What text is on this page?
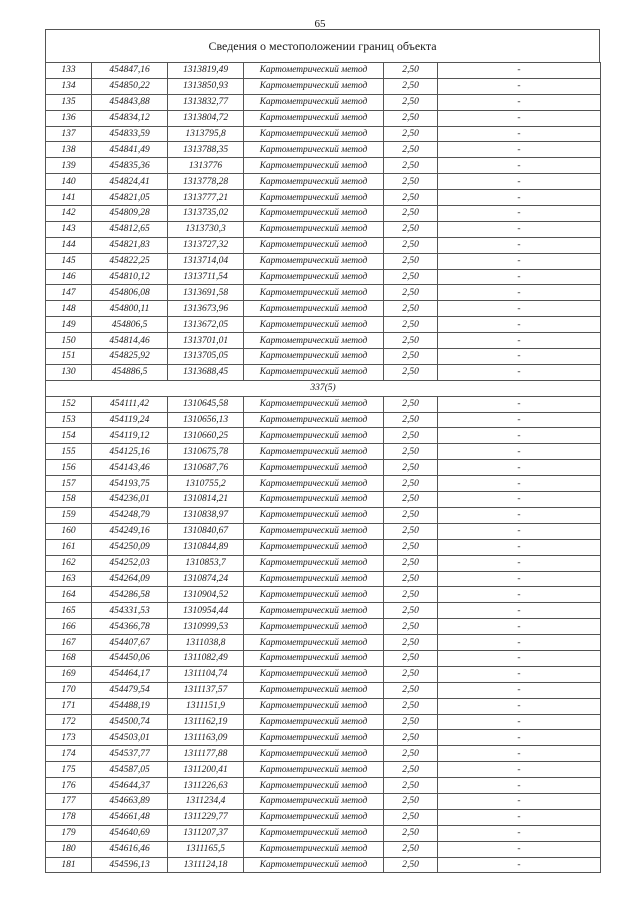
65
Сведения о местоположении границ объекта
133	454847,16	1313819,49	Картометрический метод	2,50	-
134	454850,22	1313850,93	Картометрический метод	2,50	-
135	454843,88	1313832,77	Картометрический метод	2,50	-
136	454834,12	1313804,72	Картометрический метод	2,50	-
137	454833,59	1313795,8	Картометрический метод	2,50	-
138	454841,49	1313788,35	Картометрический метод	2,50	-
139	454835,36	1313776	Картометрический метод	2,50	-
140	454824,41	1313778,28	Картометрический метод	2,50	-
141	454821,05	1313777,21	Картометрический метод	2,50	-
142	454809,28	1313735,02	Картометрический метод	2,50	-
143	454812,65	1313730,3	Картометрический метод	2,50	-
144	454821,83	1313727,32	Картометрический метод	2,50	-
145	454822,25	1313714,04	Картометрический метод	2,50	-
146	454810,12	1313711,54	Картометрический метод	2,50	-
147	454806,08	1313691,58	Картометрический метод	2,50	-
148	454800,11	1313673,96	Картометрический метод	2,50	-
149	454806,5	1313672,05	Картометрический метод	2,50	-
150	454814,46	1313701,01	Картометрический метод	2,50	-
151	454825,92	1313705,05	Картометрический метод	2,50	-
130	454886,5	1313688,45	Картометрический метод	2,50	-
337(5)					
152	454111,42	1310645,58	Картометрический метод	2,50	-
153	454119,24	1310656,13	Картометрический метод	2,50	-
154	454119,12	1310660,25	Картометрический метод	2,50	-
155	454125,16	1310675,78	Картометрический метод	2,50	-
156	454143,46	1310687,76	Картометрический метод	2,50	-
157	454193,75	1310755,2	Картометрический метод	2,50	-
158	454236,01	1310814,21	Картометрический метод	2,50	-
159	454248,79	1310838,97	Картометрический метод	2,50	-
160	454249,16	1310840,67	Картометрический метод	2,50	-
161	454250,09	1310844,89	Картометрический метод	2,50	-
162	454252,03	1310853,7	Картометрический метод	2,50	-
163	454264,09	1310874,24	Картометрический метод	2,50	-
164	454286,58	1310904,52	Картометрический метод	2,50	-
165	454331,53	1310954,44	Картометрический метод	2,50	-
166	454366,78	1310999,53	Картометрический метод	2,50	-
167	454407,67	1311038,8	Картометрический метод	2,50	-
168	454450,06	1311082,49	Картометрический метод	2,50	-
169	454464,17	1311104,74	Картометрический метод	2,50	-
170	454479,54	1311137,57	Картометрический метод	2,50	-
171	454488,19	1311151,9	Картометрический метод	2,50	-
172	454500,74	1311162,19	Картометрический метод	2,50	-
173	454503,01	1311163,09	Картометрический метод	2,50	-
174	454537,77	1311177,88	Картометрический метод	2,50	-
175	454587,05	1311200,41	Картометрический метод	2,50	-
176	454644,37	1311226,63	Картометрический метод	2,50	-
177	454663,89	1311234,4	Картометрический метод	2,50	-
178	454661,48	1311229,77	Картометрический метод	2,50	-
179	454640,69	1311207,37	Картометрический метод	2,50	-
180	454616,46	1311165,5	Картометрический метод	2,50	-
181	454596,13	1311124,18	Картометрический метод	2,50	-
